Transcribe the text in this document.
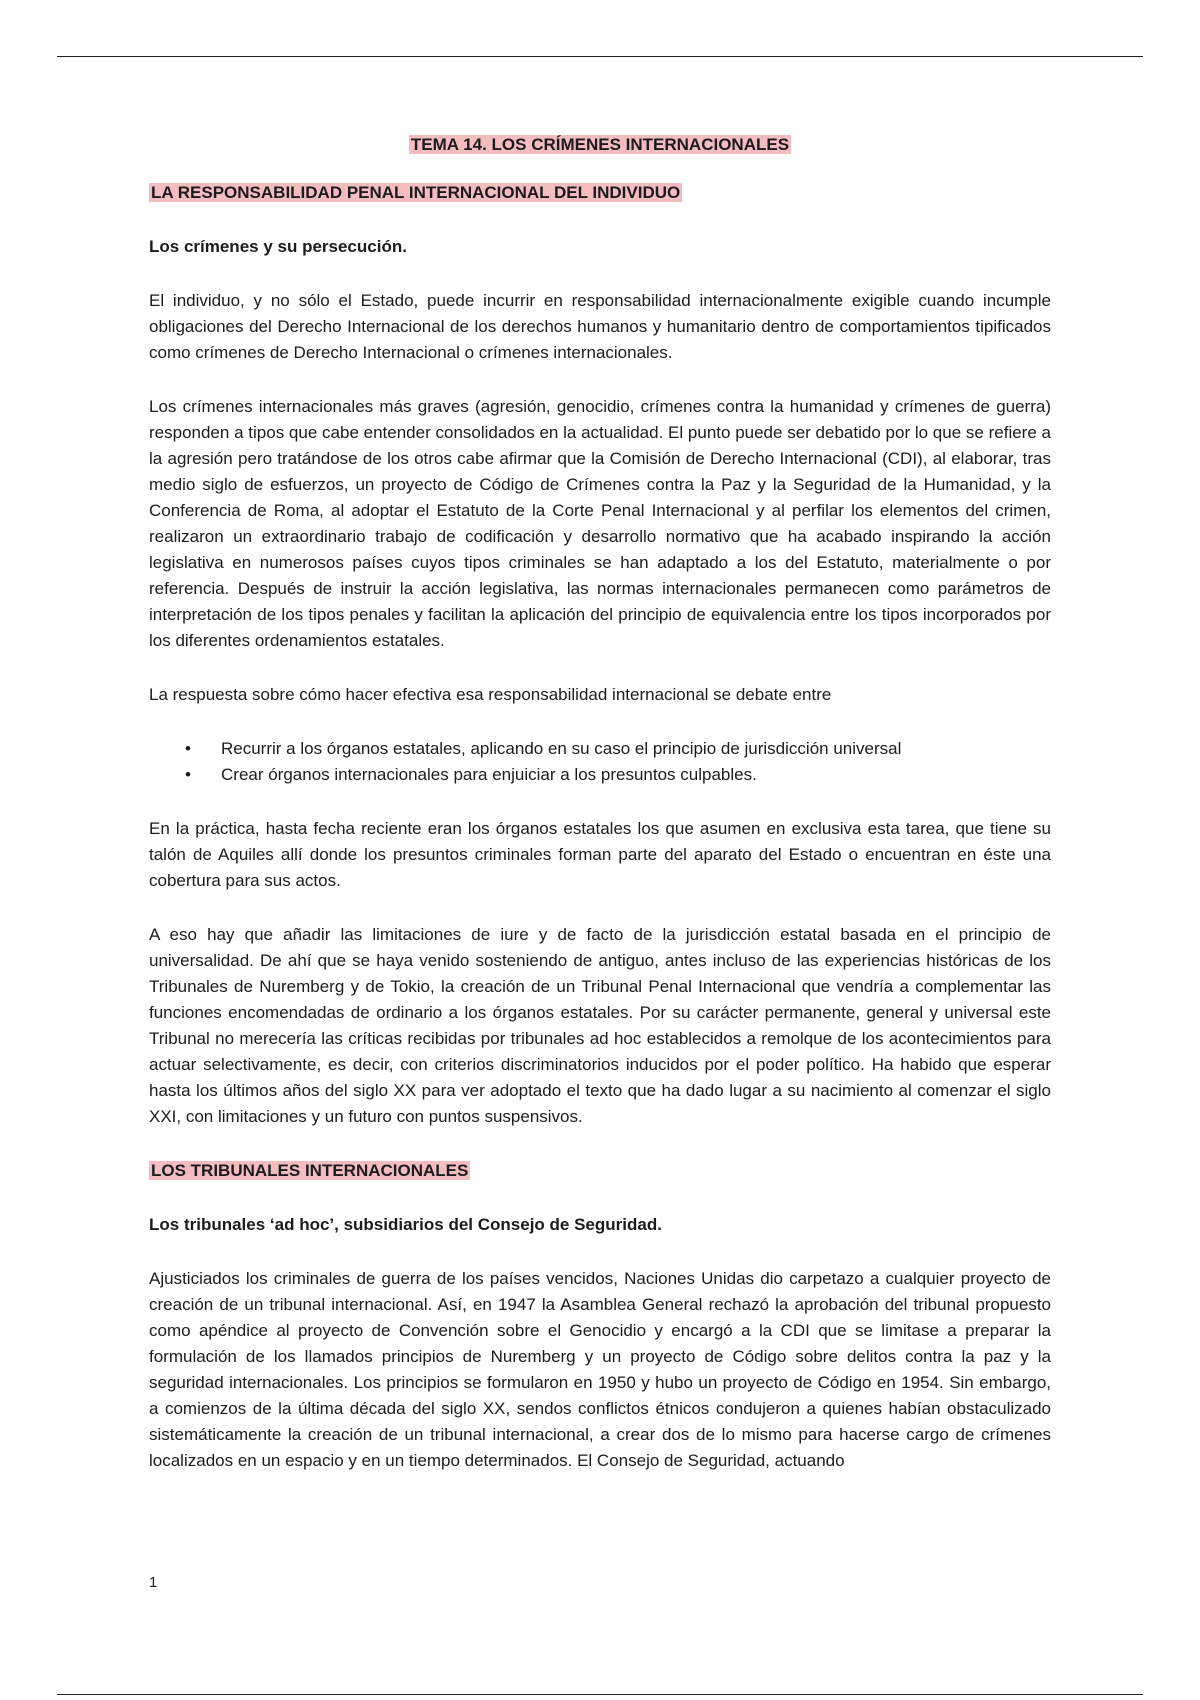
TEMA 14. LOS CRÍMENES INTERNACIONALES
LA RESPONSABILIDAD PENAL INTERNACIONAL DEL INDIVIDUO
Los crímenes y su persecución.

El individuo, y no sólo el Estado, puede incurrir en responsabilidad internacionalmente exigible cuando incumple obligaciones del Derecho Internacional de los derechos humanos y humanitario dentro de comportamientos tipificados como crímenes de Derecho Internacional o crímenes internacionales.

Los crímenes internacionales más graves (agresión, genocidio, crímenes contra la humanidad y crímenes de guerra) responden a tipos que cabe entender consolidados en la actualidad. El punto puede ser debatido por lo que se refiere a la agresión pero tratándose de los otros cabe afirmar que la Comisión de Derecho Internacional (CDI), al elaborar, tras medio siglo de esfuerzos, un proyecto de Código de Crímenes contra la Paz y la Seguridad de la Humanidad, y la Conferencia de Roma, al adoptar el Estatuto de la Corte Penal Internacional y al perfilar los elementos del crimen, realizaron un extraordinario trabajo de codificación y desarrollo normativo que ha acabado inspirando la acción legislativa en numerosos países cuyos tipos criminales se han adaptado a los del Estatuto, materialmente o por referencia. Después de instruir la acción legislativa, las normas internacionales permanecen como parámetros de interpretación de los tipos penales y facilitan la aplicación del principio de equivalencia entre los tipos incorporados por los diferentes ordenamientos estatales.

La respuesta sobre cómo hacer efectiva esa responsabilidad internacional se debate entre

• Recurrir a los órganos estatales, aplicando en su caso el principio de jurisdicción universal
• Crear órganos internacionales para enjuiciar a los presuntos culpables.

En la práctica, hasta fecha reciente eran los órganos estatales los que asumen en exclusiva esta tarea, que tiene su talón de Aquiles allí donde los presuntos criminales forman parte del aparato del Estado o encuentran en éste una cobertura para sus actos.

A eso hay que añadir las limitaciones de iure y de facto de la jurisdicción estatal basada en el principio de universalidad. De ahí que se haya venido sosteniendo de antiguo, antes incluso de las experiencias históricas de los Tribunales de Nuremberg y de Tokio, la creación de un Tribunal Penal Internacional que vendría a complementar las funciones encomendadas de ordinario a los órganos estatales. Por su carácter permanente, general y universal este Tribunal no merecería las críticas recibidas por tribunales ad hoc establecidos a remolque de los acontecimientos para actuar selectivamente, es decir, con criterios discriminatorios inducidos por el poder político. Ha habido que esperar hasta los últimos años del siglo XX para ver adoptado el texto que ha dado lugar a su nacimiento al comenzar el siglo XXI, con limitaciones y un futuro con puntos suspensivos.

LOS TRIBUNALES INTERNACIONALES
Los tribunales ‘ad hoc’, subsidiarios del Consejo de Seguridad.

Ajusticiados los criminales de guerra de los países vencidos, Naciones Unidas dio carpetazo a cualquier proyecto de creación de un tribunal internacional. Así, en 1947 la Asamblea General rechazó la aprobación del tribunal propuesto como apéndice al proyecto de Convención sobre el Genocidio y encargó a la CDI que se limitase a preparar la formulación de los llamados principios de Nuremberg y un proyecto de Código sobre delitos contra la paz y la seguridad internacionales. Los principios se formularon en 1950 y hubo un proyecto de Código en 1954. Sin embargo, a comienzos de la última década del siglo XX, sendos conflictos étnicos condujeron a quienes habían obstaculizado sistemáticamente la creación de un tribunal internacional, a crear dos de lo mismo para hacerse cargo de crímenes localizados en un espacio y en un tiempo determinados. El Consejo de Seguridad, actuando

1
